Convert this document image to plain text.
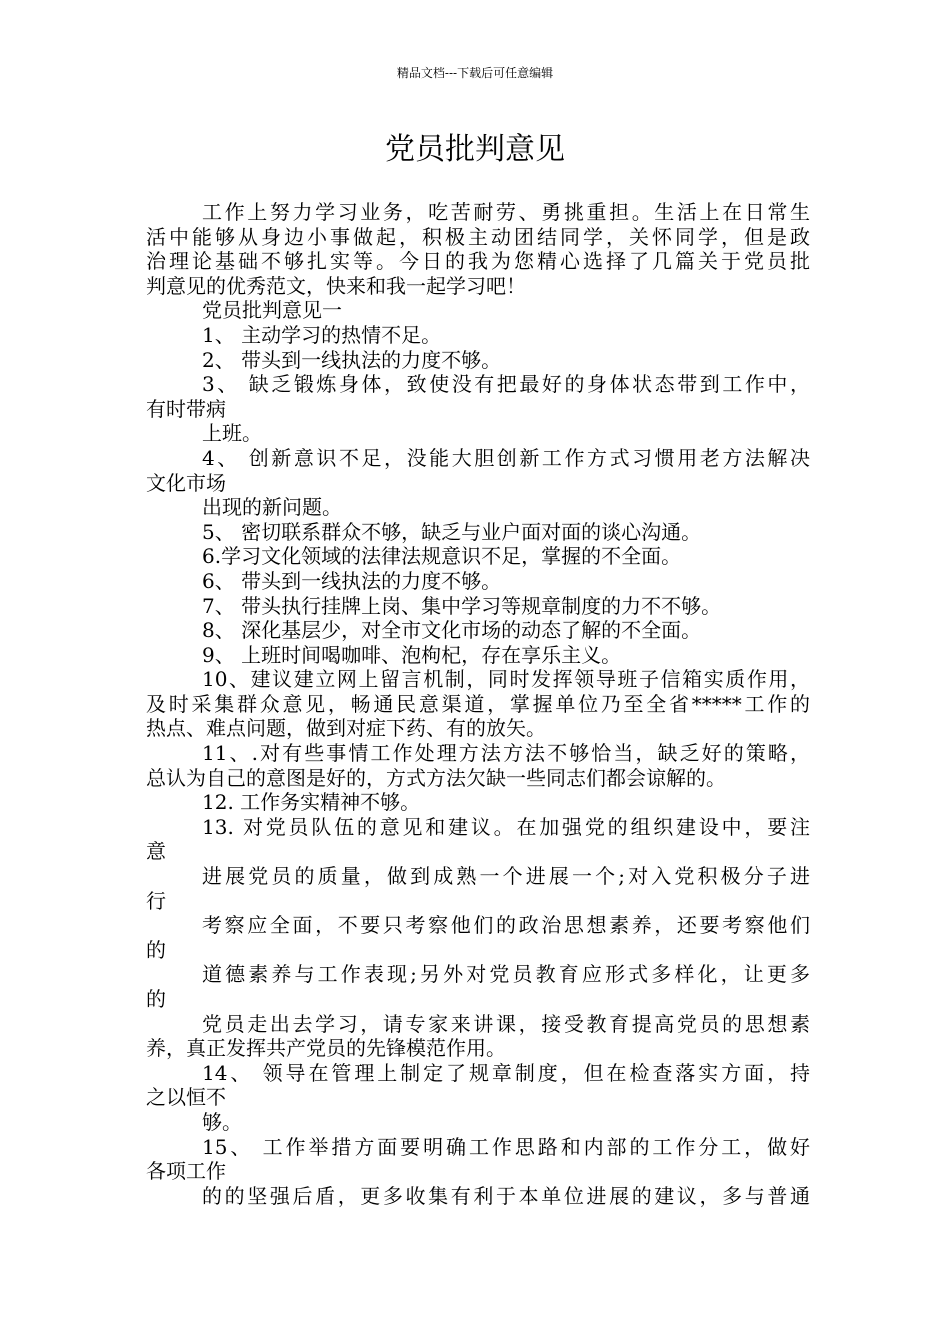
精品文档---下载后可任意编辑
党员批判意见
工作上努力学习业务，吃苦耐劳、勇挑重担。生活上在日常生
活中能够从身边小事做起，积极主动团结同学，关怀同学，但是政
治理论基础不够扎实等。今日的我为您精心选择了几篇关于党员批
判意见的优秀范文，快来和我一起学习吧！
党员批判意见一
1、 主动学习的热情不足。
2、 带头到一线执法的力度不够。
3、 缺乏锻炼身体，致使没有把最好的身体状态带到工作中，
有时带病
上班。
4、 创新意识不足，没能大胆创新工作方式习惯用老方法解决
文化市场
出现的新问题。
5、 密切联系群众不够，缺乏与业户面对面的谈心沟通。
6.学习文化领域的法律法规意识不足，掌握的不全面。
6、 带头到一线执法的力度不够。
7、 带头执行挂牌上岗、集中学习等规章制度的力不不够。
8、 深化基层少，对全市文化市场的动态了解的不全面。
9、 上班时间喝咖啡、泡枸杞，存在享乐主义。
10、建议建立网上留言机制，同时发挥领导班子信箱实质作用，
及时采集群众意见，畅通民意渠道，掌握单位乃至全省*****工作的
热点、难点问题，做到对症下药、有的放矢。
11、.对有些事情工作处理方法方法不够恰当，缺乏好的策略，
总认为自己的意图是好的，方式方法欠缺一些同志们都会谅解的。
12. 工作务实精神不够。
13. 对党员队伍的意见和建议。在加强党的组织建设中，要注
意
进展党员的质量，做到成熟一个进展一个;对入党积极分子进
行
考察应全面，不要只考察他们的政治思想素养，还要考察他们
的
道德素养与工作表现;另外对党员教育应形式多样化，让更多
的
党员走出去学习，请专家来讲课，接受教育提高党员的思想素
养，真正发挥共产党员的先锋模范作用。
14、 领导在管理上制定了规章制度，但在检查落实方面，持
之以恒不
够。
15、 工作举措方面要明确工作思路和内部的工作分工，做好
各项工作
的的坚强后盾，更多收集有利于本单位进展的建议，多与普通
